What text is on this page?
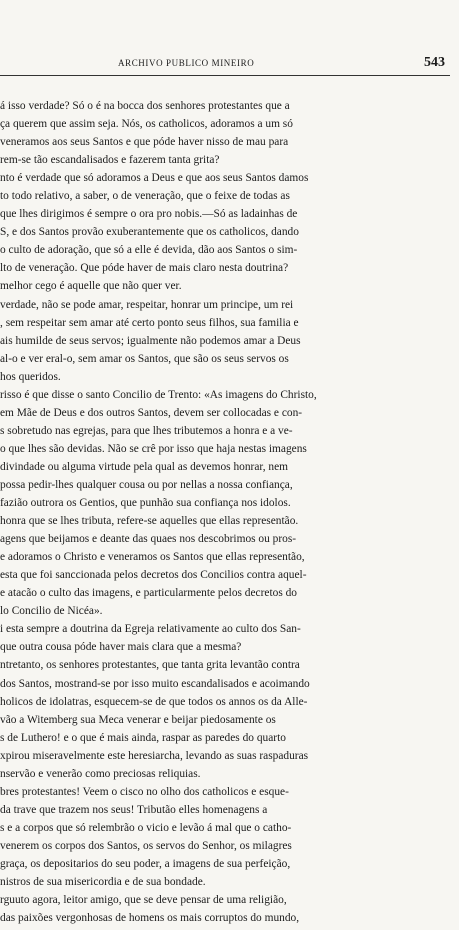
ARCHIVO PUBLICO MINEIRO	543
á isso verdade? Só o é na bocca dos senhores protestantes que a
ça querem que assim seja. Nós, os catholicos, adoramos a um só
veneramos aos seus Santos e que póde haver nisso de mau para
rem-se tão escandalisados e fazerem tanta grita?
nto é verdade que só adoramos a Deus e que aos seus Santos damos
to todo relativo, a saber, o de veneração, que o feixe de todas as
que lhes dirigimos é sempre o ora pro nobis.—Só as ladainhas de
S, e dos Santos provão exuberantemente que os catholicos, dando
o culto de adoração, que só a elle é devida, dão aos Santos o sim-
lto de veneração. Que póde haver de mais claro nesta doutrina?
melhor cego é aquelle que não quer ver.
verdade, não se pode amar, respeitar, honrar um principe, um rei
, sem respeitar sem amar até certo ponto seus filhos, sua familia e
ais humilde de seus servos; igualmente não podemos amar a Deus
al-o e ver eral-o, sem amar os Santos, que são os seus servos os
hos queridos.
risso é que disse o santo Concilio de Trento: «As imagens do Christo,
em Mãe de Deus e dos outros Santos, devem ser collocadas e con-
s sobretudo nas egrejas, para que lhes tributemos a honra e a ve-
o que lhes são devidas. Não se crê por isso que haja nestas imagens
divindade ou alguma virtude pela qual as devemos honrar, nem
possa pedir-lhes qualquer cousa ou por nellas a nossa confiança,
fazião outrora os Gentios, que punhão sua confiança nos idolos.
honra que se lhes tributa, refere-se aquelles que ellas representão.
agens que beijamos e deante das quaes nos descobrimos ou pros-
e adoramos o Christo e veneramos os Santos que ellas representão,
esta que foi sanccionada pelos decretos dos Concilios contra aquel-
e atacão o culto das imagens, e particularmente pelos decretos do
lo Concilio de Nicéa».
i esta sempre a doutrina da Egreja relativamente ao culto dos San-
que outra cousa póde haver mais clara que a mesma?
ntretanto, os senhores protestantes, que tanta grita levantão contra
dos Santos, mostrand-se por isso muito escandalisados e acoimando
holicos de idolatras, esquecem-se de que todos os annos os da Alle-
vão a Witemberg sua Meca venerar e beijar piedosamente os
s de Luthero! e o que é mais ainda, raspar as paredes do quarto
xpirou miseravelmente este heresiarcha, levando as suas raspaduras
nservão e venerão como preciosas reliquias.
bres protestantes! Veem o cisco no olho dos catholicos e esque-
da trave que trazem nos seus! Tributão elles homenagens a
s e a corpos que só relembrão o vicio e levão á mal que o catho-
venerem os corpos dos Santos, os servos do Senhor, os milagres
graça, os depositarios do seu poder, a imagens de sua perfeição,
nistros de sua misericordia e de sua bondade.
rguuto agora, leitor amigo, que se deve pensar de uma religião,
das paixões vergonhosas de homens os mais corruptos do mundo,
